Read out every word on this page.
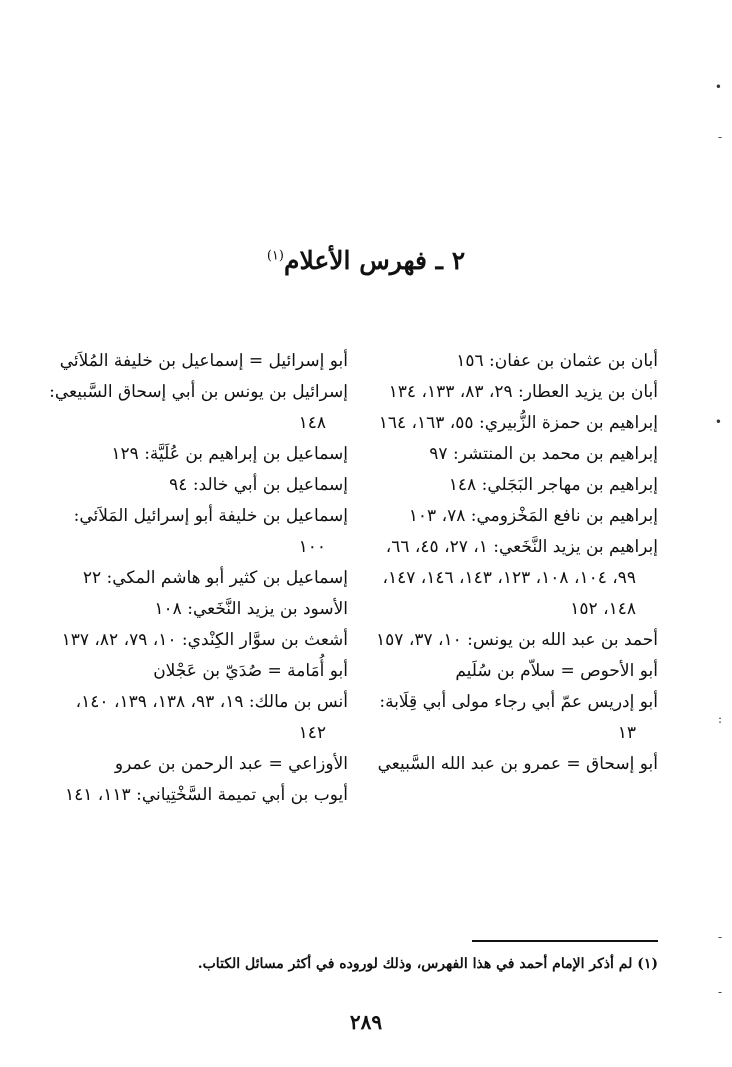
•
-
•
:
-
-
٢ ـ فهرس الأعلام$^{(١)}$
أبان بن عثمان بن عفان: ١٥٦
أبان بن يزيد العطار: ٢٩، ٨٣، ١٣٣، ١٣٤
إبراهيم بن حمزة الزُّبيري: ٥٥، ١٦٣، ١٦٤
إبراهيم بن محمد بن المنتشر: ٩٧
إبراهيم بن مهاجر البَجَلي: ١٤٨
إبراهيم بن نافع المَخْزومي: ٧٨، ١٠٣
إبراهيم بن يزيد النَّخَعي: ١، ٢٧، ٤٥، ٦٦، ٩٩، ١٠٤، ١٠٨، ١٢٣، ١٤٣، ١٤٦، ١٤٧، ١٤٨، ١٥٢
أحمد بن عبد الله بن يونس: ١٠، ٣٧، ١٥٧
أبو الأحوص = سلاّم بن سُلَيم
أبو إدريس عمّ أبي رجاء مولى أبي قِلَابة: ١٣
أبو إسحاق = عمرو بن عبد الله السَّبيعي
أبو إسرائيل = إسماعيل بن خليفة المُلاَئي
إسرائيل بن يونس بن أبي إسحاق السَّبيعي: ١٤٨
إسماعيل بن إبراهيم بن عُلَيَّة: ١٢٩
إسماعيل بن أبي خالد: ٩٤
إسماعيل بن خليفة أبو إسرائيل المَلاَئي: ١٠٠
إسماعيل بن كثير أبو هاشم المكي: ٢٢
الأسود بن يزيد النَّخَعي: ١٠٨
أشعث بن سوَّار الكِنْدي: ١٠، ٧٩، ٨٢، ١٣٧
أبو أُمَامة = صُدَيّ بن عَجْلان
أنس بن مالك: ١٩، ٩٣، ١٣٨، ١٣٩، ١٤٠، ١٤٢
الأوزاعي = عبد الرحمن بن عمرو
أيوب بن أبي تميمة السَّخْتِياني: ١١٣، ١٤١
(١) لم أذكر الإمام أحمد في هذا الفهرس، وذلك لوروده في أكثر مسائل الكتاب.
٢٨٩
